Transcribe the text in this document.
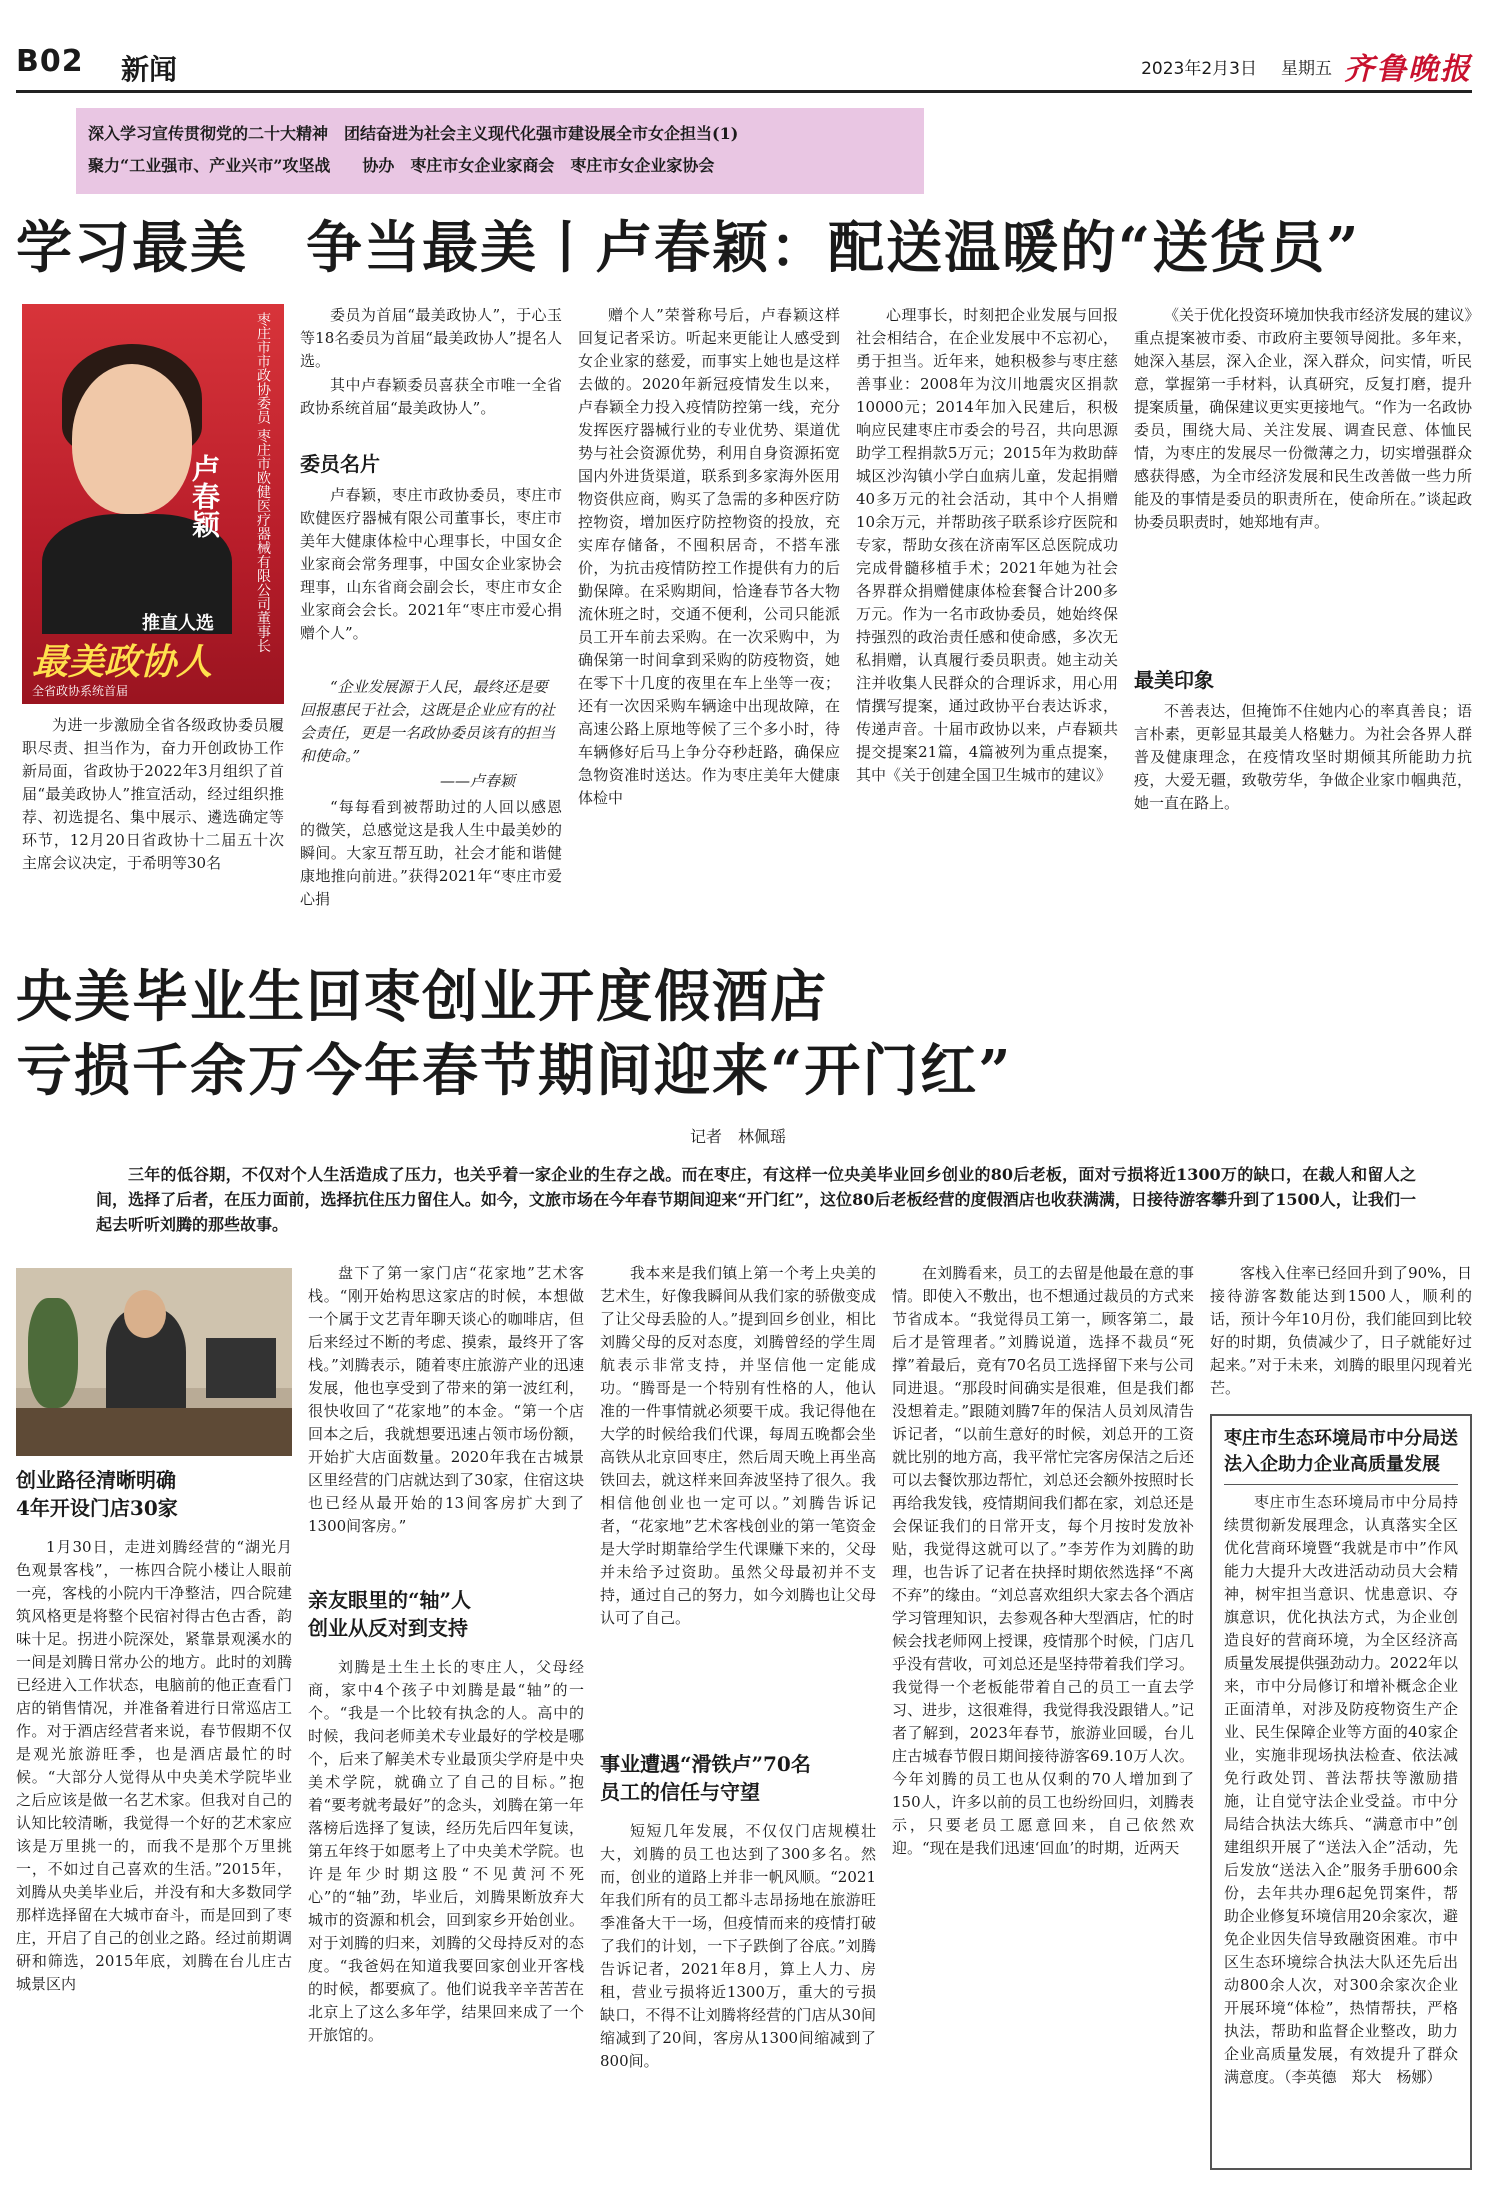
B02 新闻	2023年2月3日 星期五 齐鲁晚报
深入学习宣传贯彻党的二十大精神　团结奋进为社会主义现代化强市建设展全市女企担当(1)
聚力“工业强市、产业兴市”攻坚战　　协办　枣庄市女企业家商会　枣庄市女企业家协会
学习最美　争当最美丨卢春颖：配送温暖的“送货员”
枣庄市市政协委员 枣庄市欧健医疗器械有限公司董事长
卢春颖
推直人选
最美政协人
全省政协系统首届
为进一步激励全省各级政协委员履职尽责、担当作为，奋力开创政协工作新局面，省政协于2022年3月组织了首届“最美政协人”推宣活动，经过组织推荐、初选提名、集中展示、遴选确定等环节，12月20日省政协十二届五十次主席会议决定，于希明等30名
委员为首届“最美政协人”，于心玉等18名委员为首届“最美政协人”提名人选。
其中卢春颖委员喜获全市唯一全省政协系统首届“最美政协人”。
委员名片
卢春颖，枣庄市政协委员，枣庄市欧健医疗器械有限公司董事长，枣庄市美年大健康体检中心理事长，中国女企业家商会常务理事，中国女企业家协会理事，山东省商会副会长，枣庄市女企业家商会会长。2021年“枣庄市爱心捐赠个人”。
“企业发展源于人民，最终还是要回报惠民于社会，这既是企业应有的社会责任，更是一名政协委员该有的担当和使命。”
——卢春颖
“每每看到被帮助过的人回以感恩的微笑，总感觉这是我人生中最美妙的瞬间。大家互帮互助，社会才能和谐健康地推向前进。”获得2021年“枣庄市爱心捐
赠个人”荣誉称号后，卢春颖这样回复记者采访。听起来更能让人感受到女企业家的慈爱，而事实上她也是这样去做的。2020年新冠疫情发生以来，卢春颖全力投入疫情防控第一线，充分发挥医疗器械行业的专业优势、渠道优势与社会资源优势，利用自身资源拓宽国内外进货渠道，联系到多家海外医用物资供应商，购买了急需的多种医疗防控物资，增加医疗防控物资的投放，充实库存储备，不囤积居奇，不搭车涨价，为抗击疫情防控工作提供有力的后勤保障。在采购期间，恰逢春节各大物流休班之时，交通不便利，公司只能派员工开车前去采购。在一次采购中，为确保第一时间拿到采购的防疫物资，她在零下十几度的夜里在车上坐等一夜；还有一次因采购车辆途中出现故障，在高速公路上原地等候了三个多小时，待车辆修好后马上争分夺秒赶路，确保应急物资准时送达。作为枣庄美年大健康体检中
心理事长，时刻把企业发展与回报社会相结合，在企业发展中不忘初心，勇于担当。近年来，她积极参与枣庄慈善事业：2008年为汶川地震灾区捐款10000元；2014年加入民建后，积极响应民建枣庄市委会的号召，共向思源助学工程捐款5万元；2015年为救助薛城区沙沟镇小学白血病儿童，发起捐赠40多万元的社会活动，其中个人捐赠10余万元，并帮助孩子联系诊疗医院和专家，帮助女孩在济南军区总医院成功完成骨髓移植手术；2021年她为社会各界群众捐赠健康体检套餐合计200多万元。作为一名市政协委员，她始终保持强烈的政治责任感和使命感，多次无私捐赠，认真履行委员职责。她主动关注并收集人民群众的合理诉求，用心用情撰写提案，通过政协平台表达诉求，传递声音。十届市政协以来，卢春颖共提交提案21篇，4篇被列为重点提案，其中《关于创建全国卫生城市的建议》
《关于优化投资环境加快我市经济发展的建议》重点提案被市委、市政府主要领导阅批。多年来，她深入基层，深入企业，深入群众，问实情，听民意，掌握第一手材料，认真研究，反复打磨，提升提案质量，确保建议更实更接地气。“作为一名政协委员，围绕大局、关注发展、调查民意、体恤民情，为枣庄的发展尽一份微薄之力，切实增强群众感获得感，为全市经济发展和民生改善做一些力所能及的事情是委员的职责所在，使命所在。”谈起政协委员职责时，她郑地有声。
最美印象
不善表达，但掩饰不住她内心的率真善良；语言朴素，更彰显其最美人格魅力。为社会各界人群普及健康理念，在疫情攻坚时期倾其所能助力抗疫，大爱无疆，致敬劳华，争做企业家巾帼典范，她一直在路上。
央美毕业生回枣创业开度假酒店
亏损千余万今年春节期间迎来“开门红”
记者　林佩瑶
三年的低谷期，不仅对个人生活造成了压力，也关乎着一家企业的生存之战。而在枣庄，有这样一位央美毕业回乡创业的80后老板，面对亏损将近1300万的缺口，在裁人和留人之间，选择了后者，在压力面前，选择抗住压力留住人。如今，文旅市场在今年春节期间迎来“开门红”，这位80后老板经营的度假酒店也收获满满，日接待游客攀升到了1500人，让我们一起去听听刘腾的那些故事。
创业路径清晰明确
4年开设门店30家
1月30日，走进刘腾经营的“湖光月色观景客栈”，一栋四合院小楼让人眼前一亮，客栈的小院内干净整洁，四合院建筑风格更是将整个民宿衬得古色古香，韵味十足。拐进小院深处，紧靠景观溪水的一间是刘腾日常办公的地方。此时的刘腾已经进入工作状态，电脑前的他正查看门店的销售情况，并准备着进行日常巡店工作。对于酒店经营者来说，春节假期不仅是观光旅游旺季，也是酒店最忙的时候。“大部分人觉得从中央美术学院毕业之后应该是做一名艺术家。但我对自己的认知比较清晰，我觉得一个好的艺术家应该是万里挑一的，而我不是那个万里挑一，不如过自己喜欢的生活。”2015年，刘腾从央美毕业后，并没有和大多数同学那样选择留在大城市奋斗，而是回到了枣庄，开启了自己的创业之路。经过前期调研和筛选，2015年底，刘腾在台儿庄古城景区内
盘下了第一家门店“花家地”艺术客栈。“刚开始构思这家店的时候，本想做一个属于文艺青年聊天谈心的咖啡店，但后来经过不断的考虑、摸索，最终开了客栈。”刘腾表示，随着枣庄旅游产业的迅速发展，他也享受到了带来的第一波红利，很快收回了“花家地”的本金。“第一个店回本之后，我就想要迅速占领市场份额，开始扩大店面数量。2020年我在古城景区里经营的门店就达到了30家，住宿这块也已经从最开始的13间客房扩大到了1300间客房。”
亲友眼里的“轴”人
创业从反对到支持
刘腾是土生土长的枣庄人，父母经商，家中4个孩子中刘腾是最“轴”的一个。“我是一个比较有执念的人。高中的时候，我问老师美术专业最好的学校是哪个，后来了解美术专业最顶尖学府是中央美术学院，就确立了自己的目标。”抱着“要考就考最好”的念头，刘腾在第一年落榜后选择了复读，经历先后四年复读，第五年终于如愿考上了中央美术学院。也许是年少时期这股“不见黄河不死心”的“轴”劲，毕业后，刘腾果断放弃大城市的资源和机会，回到家乡开始创业。对于刘腾的归来，刘腾的父母持反对的态度。“我爸妈在知道我要回家创业开客栈的时候，都要疯了。他们说我辛辛苦苦在北京上了这么多年学，结果回来成了一个开旅馆的。
我本来是我们镇上第一个考上央美的艺术生，好像我瞬间从我们家的骄傲变成了让父母丢脸的人。”提到回乡创业，相比刘腾父母的反对态度，刘腾曾经的学生周航表示非常支持，并坚信他一定能成功。“腾哥是一个特别有性格的人，他认准的一件事情就必须要干成。我记得他在大学的时候给我们代课，每周五晚都会坐高铁从北京回枣庄，然后周天晚上再坐高铁回去，就这样来回奔波坚持了很久。我相信他创业也一定可以。”刘腾告诉记者，“花家地”艺术客栈创业的第一笔资金是大学时期靠给学生代课赚下来的，父母并未给予过资助。虽然父母最初并不支持，通过自己的努力，如今刘腾也让父母认可了自己。
事业遭遇“滑铁卢”70名
员工的信任与守望
短短几年发展，不仅仅门店规模壮大，刘腾的员工也达到了300多名。然而，创业的道路上并非一帆风顺。“2021年我们所有的员工都斗志昂扬地在旅游旺季准备大干一场，但疫情而来的疫情打破了我们的计划，一下子跌倒了谷底。”刘腾告诉记者，2021年8月，算上人力、房租，营业亏损将近1300万，重大的亏损缺口，不得不让刘腾将经营的门店从30间缩减到了20间，客房从1300间缩减到了800间。
在刘腾看来，员工的去留是他最在意的事情。即使入不敷出，也不想通过裁员的方式来节省成本。“我觉得员工第一，顾客第二，最后才是管理者。”刘腾说道，选择不裁员“死撑”着最后，竟有70名员工选择留下来与公司同进退。“那段时间确实是很难，但是我们都没想着走。”跟随刘腾7年的保洁人员刘凤清告诉记者，“以前生意好的时候，刘总开的工资就比别的地方高，我平常忙完客房保洁之后还可以去餐饮那边帮忙，刘总还会额外按照时长再给我发钱，疫情期间我们都在家，刘总还是会保证我们的日常开支，每个月按时发放补贴，我觉得这就可以了。”李芳作为刘腾的助理，也告诉了记者在抉择时期依然选择“不离不弃”的缘由。“刘总喜欢组织大家去各个酒店学习管理知识，去参观各种大型酒店，忙的时候会找老师网上授课，疫情那个时候，门店几乎没有营收，可刘总还是坚持带着我们学习。我觉得一个老板能带着自己的员工一直去学习、进步，这很难得，我觉得我没跟错人。”记者了解到，2023年春节，旅游业回暖，台儿庄古城春节假日期间接待游客69.10万人次。今年刘腾的员工也从仅剩的70人增加到了150人，许多以前的员工也纷纷回归，刘腾表示，只要老员工愿意回来，自己依然欢迎。“现在是我们迅速‘回血’的时期，近两天
客栈入住率已经回升到了90%，日接待游客数能达到1500人，顺利的话，预计今年10月份，我们能回到比较好的时期，负债减少了，日子就能好过起来。”对于未来，刘腾的眼里闪现着光芒。
枣庄市生态环境局市中分局送法入企助力企业高质量发展
枣庄市生态环境局市中分局持续贯彻新发展理念，认真落实全区优化营商环境暨“我就是市中”作风能力大提升大改进活动动员大会精神，树牢担当意识、忧患意识、夺旗意识，优化执法方式，为企业创造良好的营商环境，为全区经济高质量发展提供强劲动力。2022年以来，市中分局修订和增补概念企业正面清单，对涉及防疫物资生产企业、民生保障企业等方面的40家企业，实施非现场执法检查、依法减免行政处罚、普法帮扶等激励措施，让自觉守法企业受益。市中分局结合执法大练兵、“满意市中”创建组织开展了“送法入企”活动，先后发放“送法入企”服务手册600余份，去年共办理6起免罚案件，帮助企业修复环境信用20余家次，避免企业因失信导致融资困难。市中区生态环境综合执法大队还先后出动800余人次，对300余家次企业开展环境“体检”，热情帮扶，严格执法，帮助和监督企业整改，助力企业高质量发展，有效提升了群众满意度。（李英德　郑大　杨娜）
